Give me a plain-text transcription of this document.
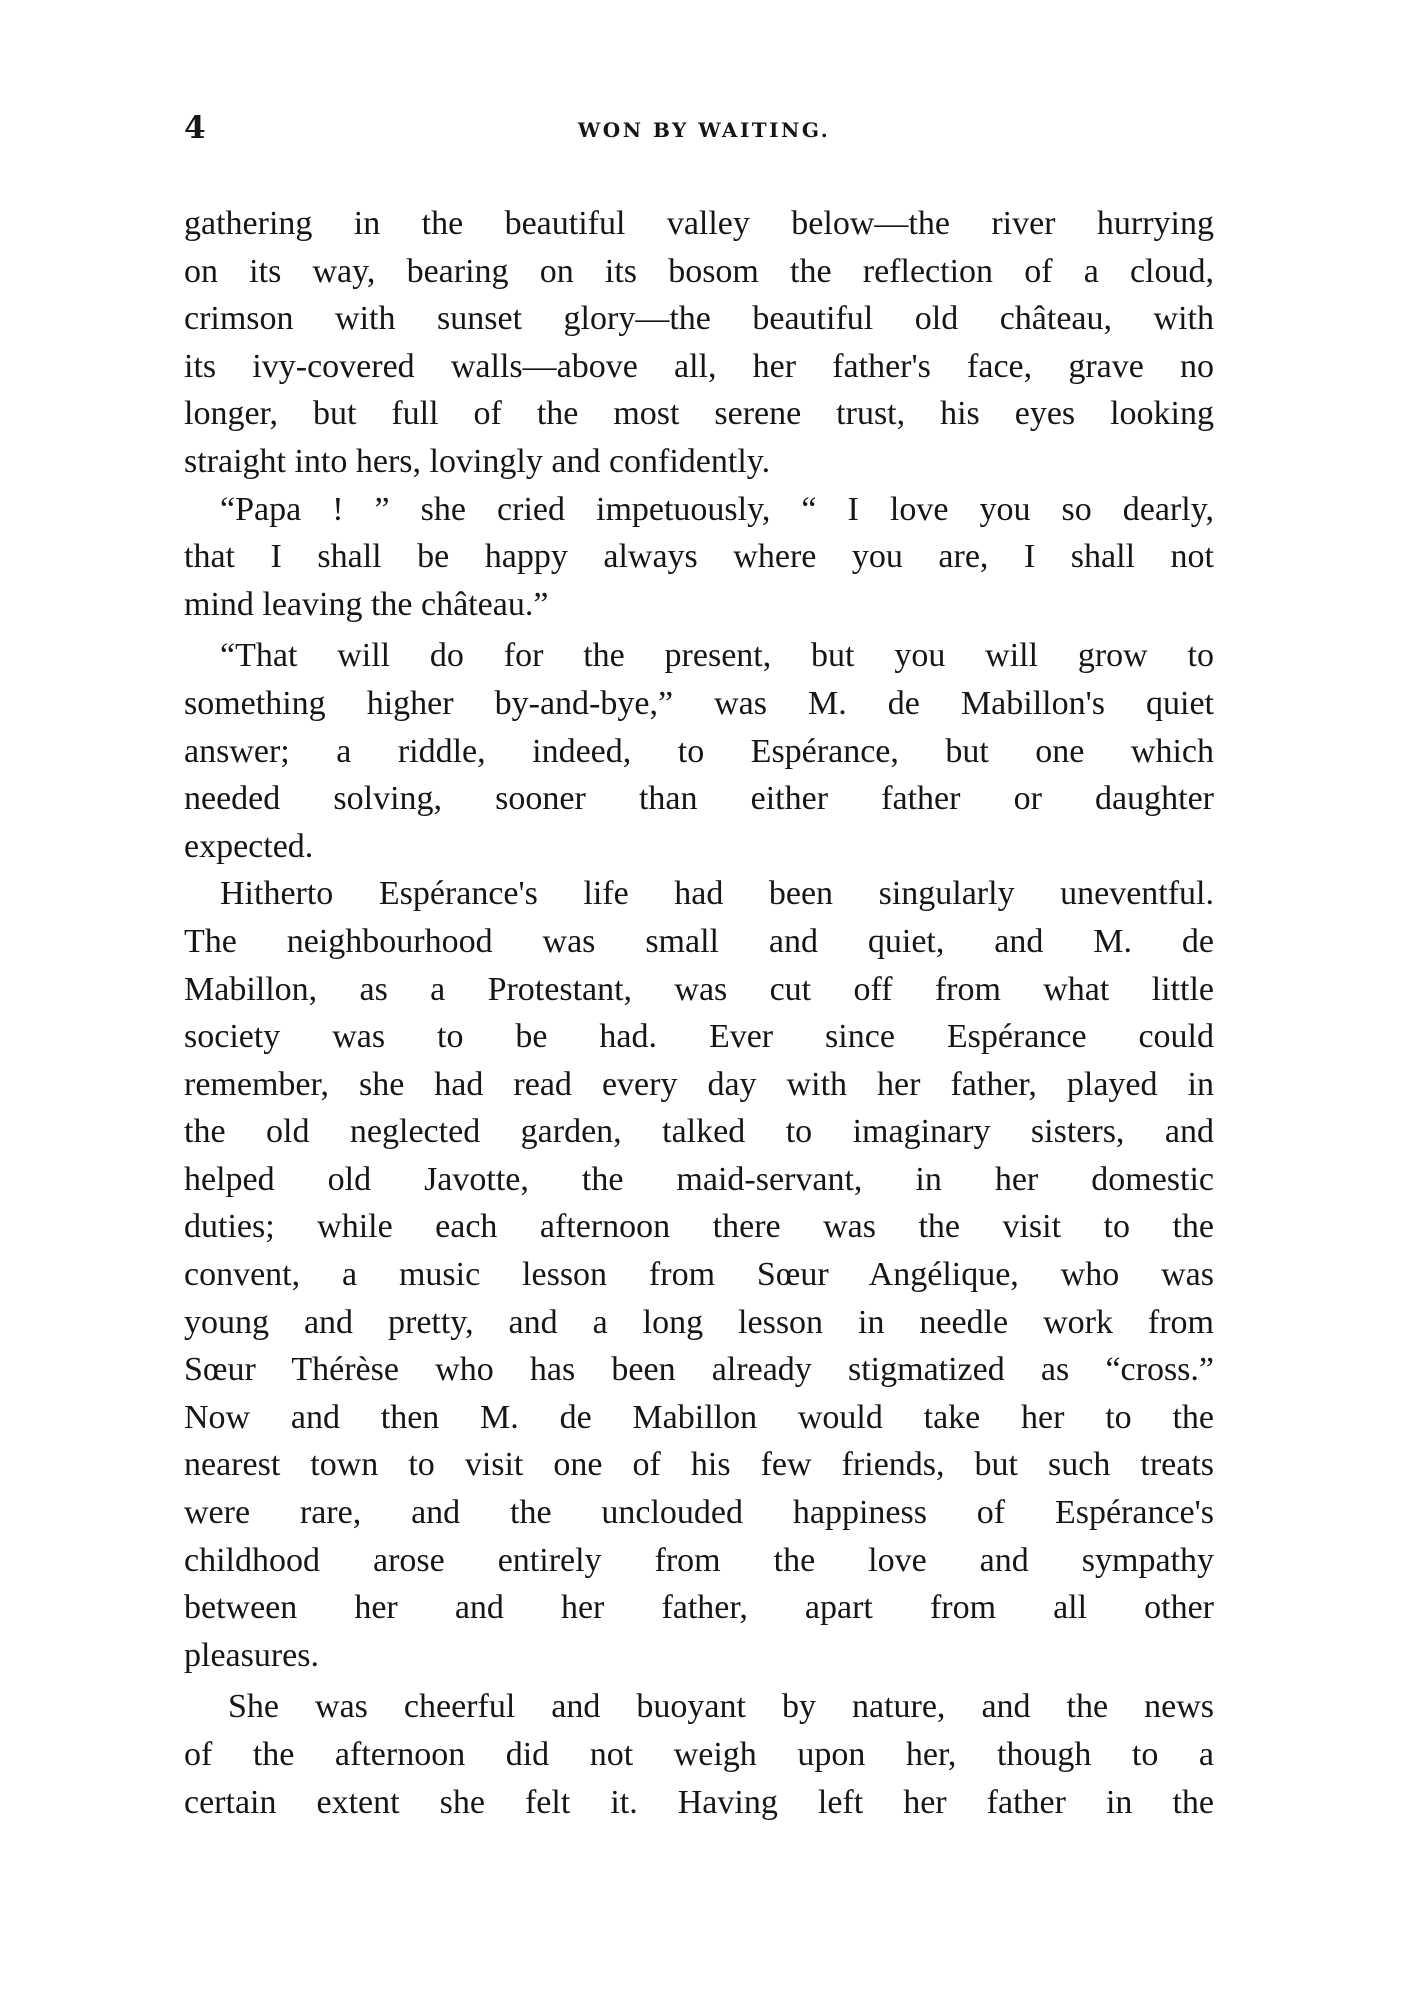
4	WON BY WAITING.
gathering in the beautiful valley below—the river hurrying
on its way, bearing on its bosom the reflection of a cloud,
crimson with sunset glory—the beautiful old château, with
its ivy-covered walls—above all, her father's face, grave no
longer, but full of the most serene trust, his eyes looking
straight into hers, lovingly and confidently.
“Papa ! ” she cried impetuously, “ I love you so dearly,
that I shall be happy always where you are, I shall not
mind leaving the château.”
“That will do for the present, but you will grow to
something higher by-and-bye,” was M. de Mabillon's quiet
answer; a riddle, indeed, to Espérance, but one which
needed solving, sooner than either father or daughter
expected.
Hitherto Espérance's life had been singularly uneventful.
The neighbourhood was small and quiet, and M. de
Mabillon, as a Protestant, was cut off from what little
society was to be had. Ever since Espérance could
remember, she had read every day with her father, played in
the old neglected garden, talked to imaginary sisters, and
helped old Javotte, the maid-servant, in her domestic
duties; while each afternoon there was the visit to the
convent, a music lesson from Sœur Angélique, who was
young and pretty, and a long lesson in needle work from
Sœur Thérèse who has been already stigmatized as “cross.”
Now and then M. de Mabillon would take her to the
nearest town to visit one of his few friends, but such treats
were rare, and the unclouded happiness of Espérance's
childhood arose entirely from the love and sympathy
between her and her father, apart from all other
pleasures.
She was cheerful and buoyant by nature, and the news
of the afternoon did not weigh upon her, though to a
certain extent she felt it. Having left her father in the
